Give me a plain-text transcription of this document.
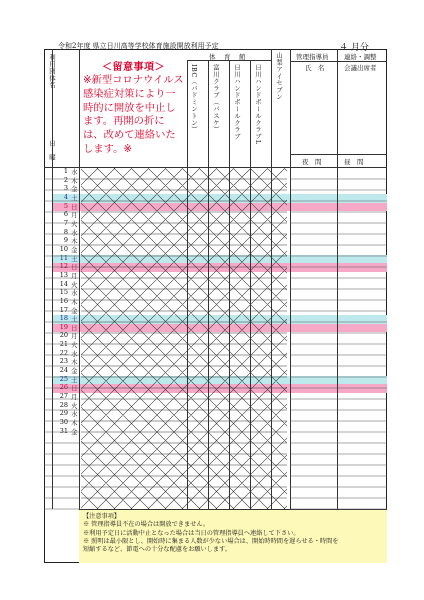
令和2年度 県立日川高等学校体育施設開放利用予定	４ 月分
利用団体名
日・曜
体　育　館
＜留意事項＞
※新型コロナウイルス感染症対策により一時的に開放を中止します。再開の折には、改めて連絡いたします。※
IBC（バドミントン） 富川クラブ（バスケ） 日川ハンドボールクラブ 日川ハンドボールクラブL 山梨アイセブン 管理指導員
氏　名
連絡・調整
会議出席者
夜　間	昼　間
1 水
2 木
3 金
4 土
5 日
6 月
火
8 水
9 木
10 金
11 土
12
13 月
14 火
15 水
16 木
17 金
18 土
19 日
20 月
火
22 水
23 木
24 金
25 土
26 日
27 月
28 火
29 水
30 木
31 金
【注意事項】
※ 管理指導員不在の場合は開放できません。
※利用予定日に活動中止となった場合は当日の管理指導員へ連絡して下さい。
※ 照明は最小限とし、開始時に集まる人数が少ない場合は、開始時時間を遅らせる・時間を
短縮するなど、節電への十分な配慮をお願いします。
